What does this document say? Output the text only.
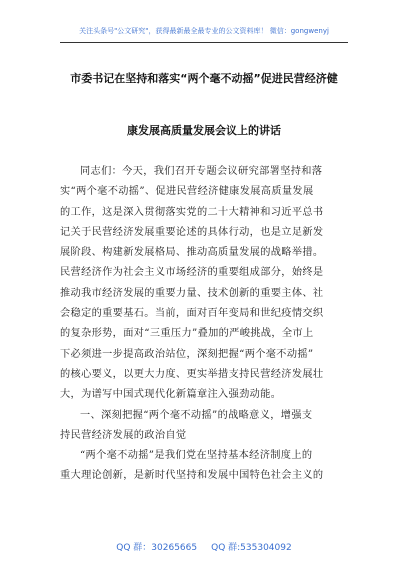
关注头条号"公文研究"，获得最新最全最专业的公文资料库！ 微信：gongwenyj
市委书记在坚持和落实“两个毫不动摇”促进民营经济健
康发展高质量发展会议上的讲话
同志们：今天，我们召开专题会议研究部署坚持和落
实“两个毫不动摇”、促进民营经济健康发展高质量发展
的工作，这是深入贯彻落实党的二十大精神和习近平总书
记关于民营经济发展重要论述的具体行动，也是立足新发
展阶段、构建新发展格局、推动高质量发展的战略举措。
民营经济作为社会主义市场经济的重要组成部分，始终是
推动我市经济发展的重要力量、技术创新的重要主体、社
会稳定的重要基石。当前，面对百年变局和世纪疫情交织
的复杂形势，面对“三重压力”叠加的严峻挑战，全市上
下必须进一步提高政治站位，深刻把握“两个毫不动摇”
的核心要义，以更大力度、更实举措支持民营经济发展壮
大，为谱写中国式现代化新篇章注入强劲动能。
一、深刻把握“两个毫不动摇”的战略意义，增强支
持民营经济发展的政治自觉
“两个毫不动摇”是我们党在坚持基本经济制度上的
重大理论创新，是新时代坚持和发展中国特色社会主义的
QQ 群：30265665 QQ 群:535304092
